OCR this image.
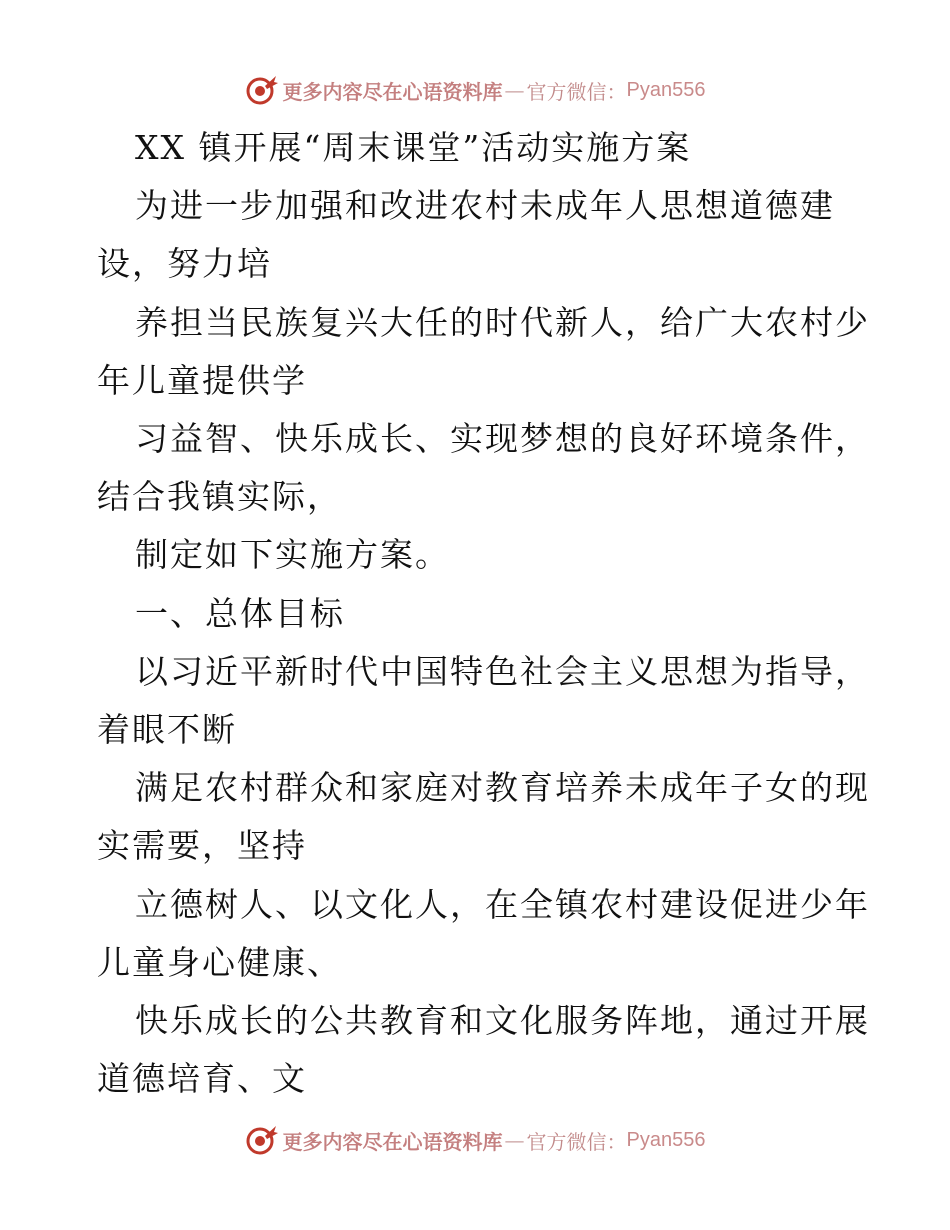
更多内容尽在心语资料库 — 官方微信： Pyan556

XX 镇开展“周末课堂”活动实施方案

为进一步加强和改进农村未成年人思想道德建

设，努力培

养担当民族复兴大任的时代新人，给广大农村少

年儿童提供学

习益智、快乐成长、实现梦想的良好环境条件，

结合我镇实际，

制定如下实施方案。

一、总体目标

以习近平新时代中国特色社会主义思想为指导，

着眼不断

满足农村群众和家庭对教育培养未成年子女的现

实需要，坚持

立德树人、以文化人，在全镇农村建设促进少年

儿童身心健康、

快乐成长的公共教育和文化服务阵地，通过开展

道德培育、文

更多内容尽在心语资料库 — 官方微信： Pyan556
